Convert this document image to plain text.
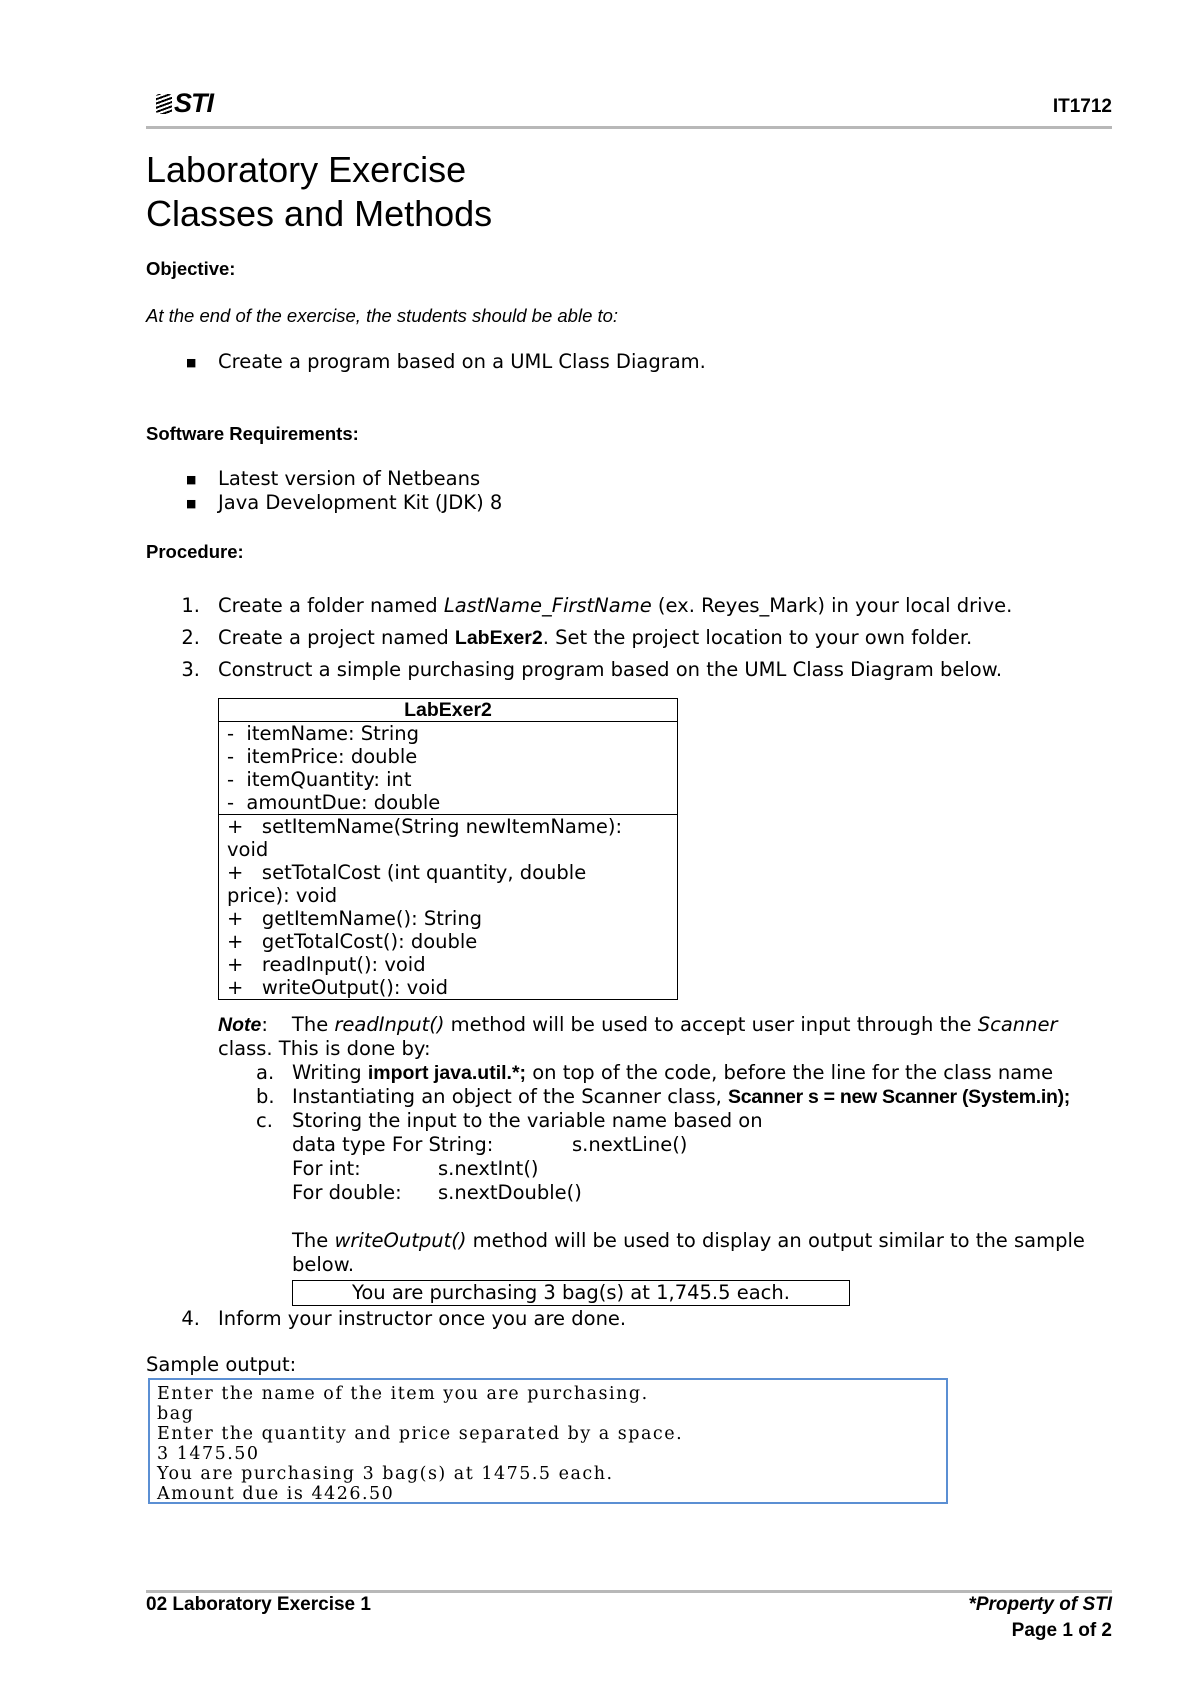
STI	IT1712
Laboratory Exercise
Classes and Methods
Objective:
At the end of the exercise, the students should be able to:
■ Create a program based on a UML Class Diagram.
Software Requirements:
■ Latest version of Netbeans
■ Java Development Kit (JDK) 8
Procedure:
1. Create a folder named LastName_FirstName (ex. Reyes_Mark) in your local drive.
2. Create a project named LabExer2. Set the project location to your own folder.
3. Construct a simple purchasing program based on the UML Class Diagram below.
LabExer2
-  itemName: String
-  itemPrice: double
-  itemQuantity: int
-  amountDue: double
+   setItemName(String newItemName):
void
+   setTotalCost (int quantity, double
price): void
+   getItemName(): String
+   getTotalCost(): double
+   readInput(): void
+   writeOutput(): void
Note: The readInput() method will be used to accept user input through the Scanner
class. This is done by:
a. Writing import java.util.*; on top of the code, before the line for the class name
b. Instantiating an object of the Scanner class, Scanner s = new Scanner (System.in);
c. Storing the input to the variable name based on
data type For String:	s.nextLine()
For int:	s.nextInt()
For double: s.nextDouble()
The writeOutput() method will be used to display an output similar to the sample
below.
You are purchasing 3 bag(s) at 1,745.5 each.
4. Inform your instructor once you are done.
Sample output:
Enter the name of the item you are purchasing.
bag
Enter the quantity and price separated by a space.
3 1475.50
You are purchasing 3 bag(s) at 1475.5 each.
Amount due is 4426.50
02 Laboratory Exercise 1	*Property of STI
Page 1 of 2
